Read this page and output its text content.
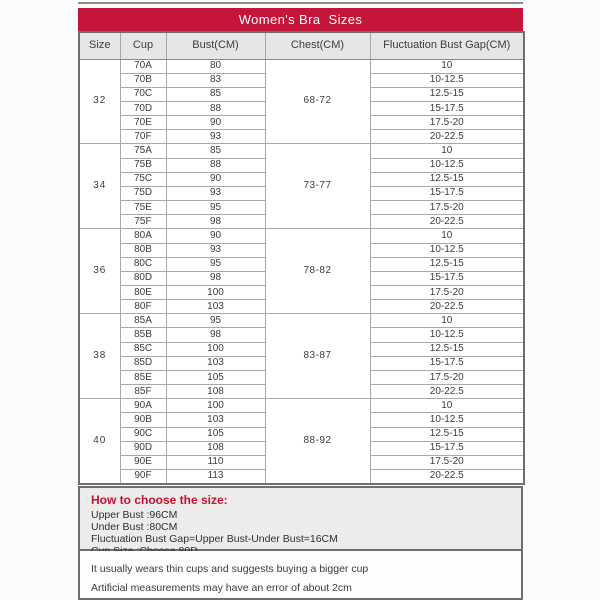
Women's Bra  Sizes
Size	Cup	Bust(CM)	Chest(CM)	Fluctuation Bust Gap(CM)
32	70A	80	68-72	10
	70B	83		10-12.5
	70C	85		12.5-15
	70D	88		15-17.5
	70E	90		17.5-20
	70F	93		20-22.5
34	75A	85	73-77	10
	75B	88		10-12.5
	75C	90		12.5-15
	75D	93		15-17.5
	75E	95		17.5-20
	75F	98		20-22.5
36	80A	90	78-82	10
	80B	93		10-12.5
	80C	95		12.5-15
	80D	98		15-17.5
	80E	100		17.5-20
	80F	103		20-22.5
38	85A	95	83-87	10
	85B	98		10-12.5
	85C	100		12.5-15
	85D	103		15-17.5
	85E	105		17.5-20
	85F	108		20-22.5
40	90A	100	88-92	10
	90B	103		10-12.5
	90C	105		12.5-15
	90D	108		15-17.5
	90E	110		17.5-20
	90F	113		20-22.5
How to choose the size:
Upper Bust :96CM
Under Bust :80CM
Fluctuation Bust Gap=Upper Bust-Under Bust=16CM
It usually wears thin cups and suggests buying a bigger cup
Artificial measurements may have an error of about 2cm
